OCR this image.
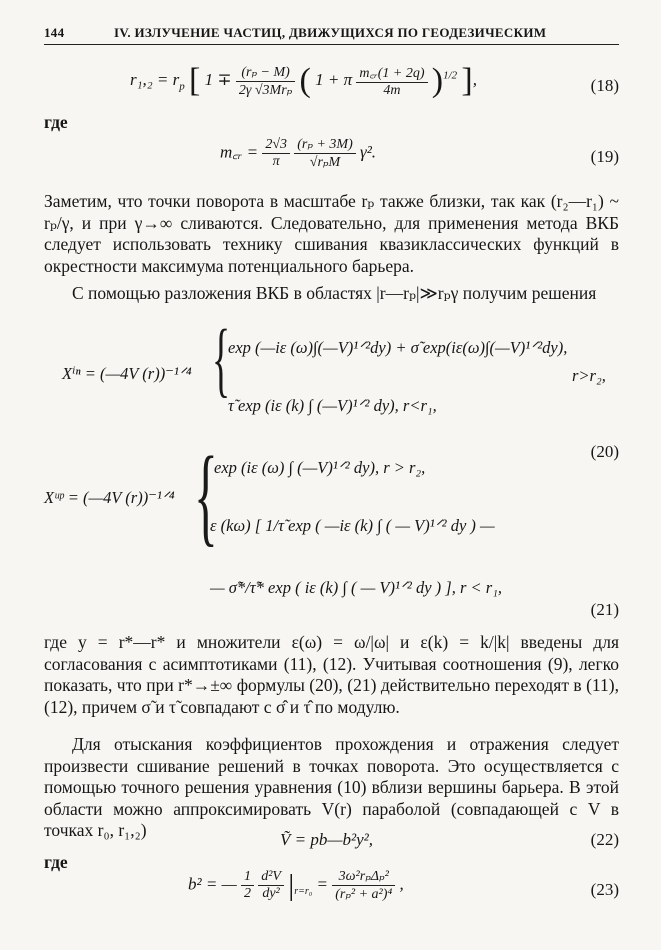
144	IV. ИЗЛУЧЕНИЕ ЧАСТИЦ, ДВИЖУЩИХСЯ ПО ГЕОДЕЗИЧЕСКИМ
$r_1,_2 = r_p$ [ $1 \mp \frac{\text{(rₚ − M)}}{\text{2γ √3Mrₚ}}$ ( 1 + π $\frac{\text{m꜀ᵣ(1 + 2q)}}{4m} )^{1/2}$ ],	(18)
где
m꜀ᵣ = $\frac{2√3}{\pi}$
$\frac{\text{(rₚ + 3M)}}{\text{√rₚM}} \gamma^2$.	(19)
Заметим, что точки поворота в масштабе rₚ также близки, так как (r₂—r₁) ~ rₚ/γ, и при γ→∞ сливаются. Следовательно, для применения метода ВКБ следует использовать технику сшивания квазиклассических функций в окрестности максимума потенциального барьера.
С помощью разложения ВКБ в областях |r—rₚ|≫rₚγ получим решения
Xⁱⁿ = (—4V (r))⁻¹ᐟ⁴ {
exp (—iε (ω)∫(—V)¹ᐟ²dy) + σ̃ exp(iε(ω)∫(—V)¹ᐟ²dy),
r>r₂,
τ̃ exp (iε (k) ∫ (—V)¹ᐟ² dy), r<r₁,
(20)
Xᵘᵖ = (—4V (r))⁻¹ᐟ⁴ {
exp (iε (ω) ∫ (—V)¹ᐟ² dy), r > r₂,
ε (kω) [ 1/τ̃ exp ( —iε (k) ∫ ( — V)¹ᐟ² dy ) —
— σ̃*/τ̃* exp ( iε (k) ∫ ( — V)¹ᐟ² dy ) ], r < r₁,
(21)
где y = r*—r* и множители ε(ω) = ω/|ω| и ε(k) = k/|k| введены для согласования с асимптотиками (11), (12). Учитывая соотношения (9), легко показать, что при r*→±∞ формулы (20), (21) действительно переходят в (11), (12), причем σ̃ и τ̃ совпадают с σ̂ и τ̂ по модулю.
Для отыскания коэффициентов прохождения и отражения следует произвести сшивание решений в точках поворота. Это осуществляется с помощью точного решения уравнения (10) вблизи вершины барьера. В этой области можно аппроксимировать V(r) параболой (совпадающей с V в точках r₀, r₁,₂)	Ṽ = pb—b²y²,	(22)
где
b² = — $\frac{1}{2}$
$\frac{\text{d²V}}{\text{dy²}} |_{r=r_0} = \frac{\text{3ω²rₚΔₚ²}}{\text{(rₚ² + a²)⁴}}$ ,	(23)
